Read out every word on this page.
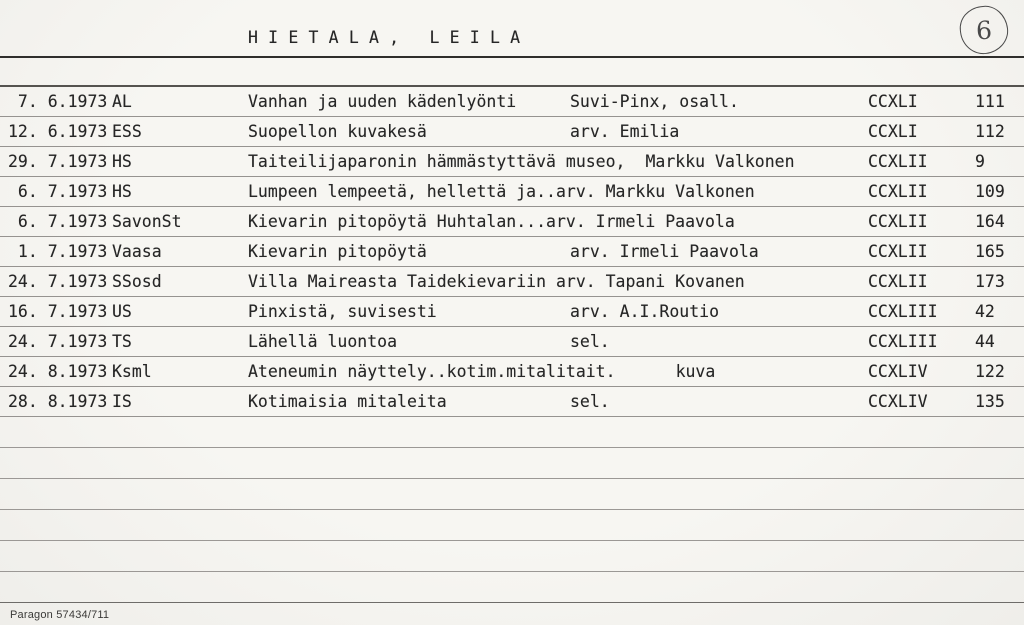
HIETALA, LEILA	6
7. 6.1973 AL	Vanhan ja uuden kädenlyönti	Suvi-Pinx, osall.	CCXLI	111
12. 6.1973 ESS	Suopellon kuvakesä	arv. Emilia	CCXLI	112
29. 7.1973 HS	Taiteilijaparonin hämmästyttävä museo,	Markku Valkonen	CCXLII	9
6. 7.1973 HS	Lumpeen lempeetä, hellettä ja..arv. Markku Valkonen	CCXLII	109
6. 7.1973 SavonSt	Kievarin pitopöytä Huhtalan...arv. Irmeli Paavola	CCXLII	164
1. 7.1973 Vaasa	Kievarin pitopöytä	arv. Irmeli Paavola	CCXLII	165
24. 7.1973 SSosd	Villa Maireasta Taidekievariin arv. Tapani Kovanen	CCXLII	173
16. 7.1973 US	Pinxistä, suvisesti	arv. A.I.Routio	CCXLIII	42
24. 7.1973 TS	Lähellä luontoa	sel.	CCXLIII	44
24. 8.1973 Ksml	Ateneumin näyttely..kotim.mitalitait.	kuva	CCXLIV	122
28. 8.1973 IS	Kotimaisia mitaleita	sel.	CCXLIV	135
Paragon 57434/711
